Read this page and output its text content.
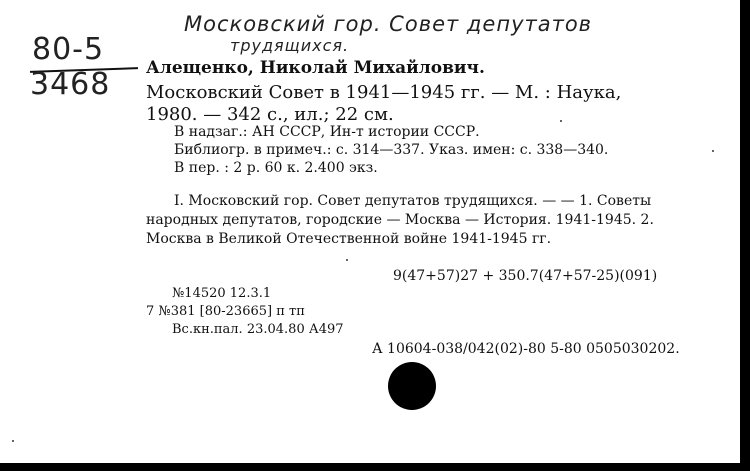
Московский гор. Совет депутатов
трудящихся.
80-5
3468 Алещенко, Николай Михайлович.
Московский Совет в 1941—1945 гг. — М. : Наука,
1980. — 342 с., ил.; 22 см.
В надзаг.: АН СССР, Ин-т истории СССР.
Библиогр. в примеч.: с. 314—337. Указ. имен: с. 338—340.
В пер. : 2 р. 60 к. 2.400 экз.
I. Московский гор. Совет депутатов трудящихся. — — 1. Советы
народных депутатов, городские — Москва — История. 1941-1945. 2.
Москва в Великой Отечественной войне 1941-1945 гг.
9(47+57)27 + 350.7(47+57-25)(091)
№14520 12.3.1
7 №381 [80-23665] п тп
Вс.кн.пал. 23.04.80 А497
А 10604-038/042(02)-80 5-80 0505030202.
